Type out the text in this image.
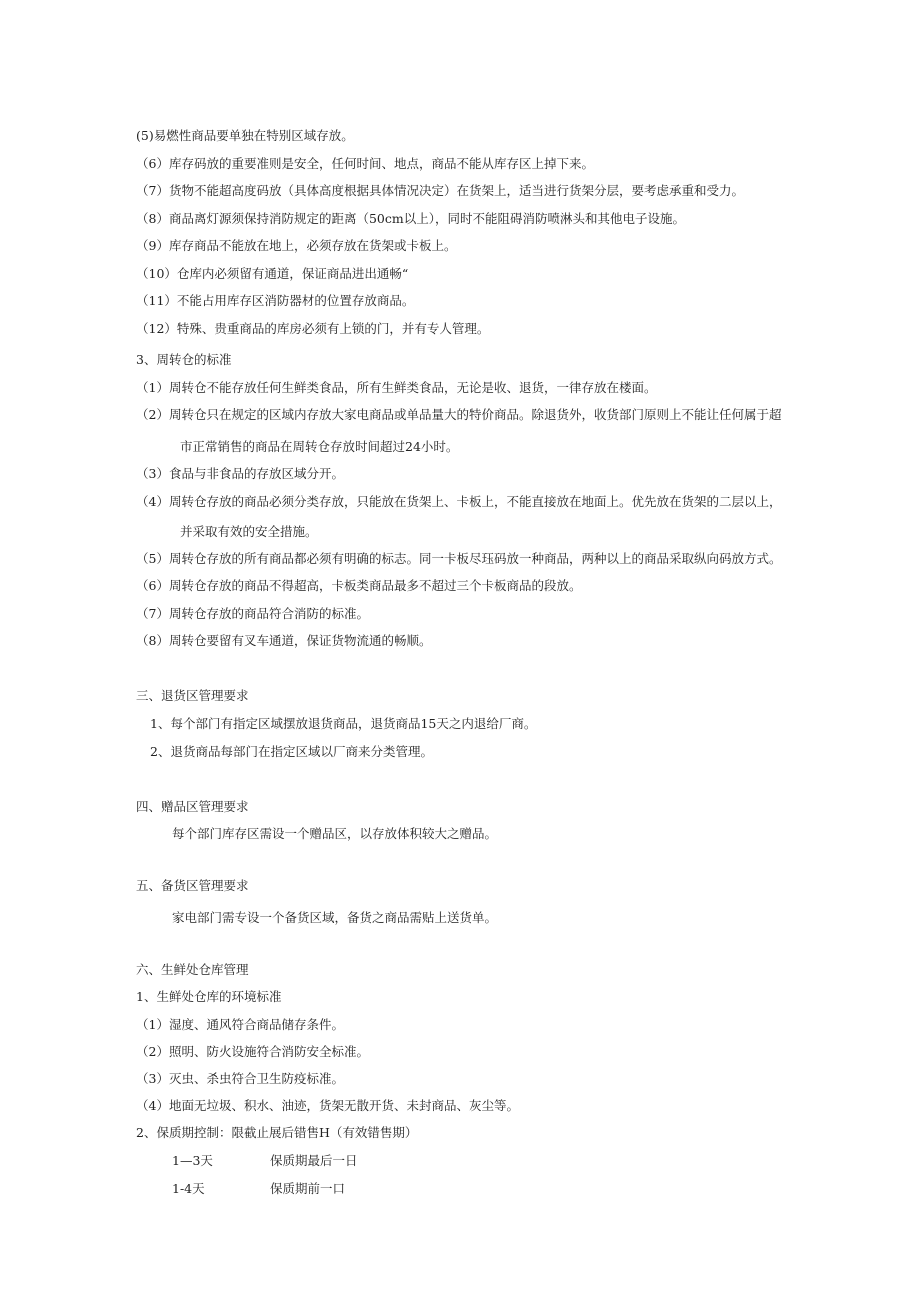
(5)易燃性商品要单独在特别区域存放。
（6）库存码放的重要准则是安全，任何时间、地点，商品不能从库存区上掉下来。
（7）货物不能超高度码放（具体高度根据具体情况决定）在货架上，适当进行货架分层，要考虑承重和受力。
（8）商品离灯源须保持消防规定的距离（50cm以上），同时不能阻碍消防喷淋头和其他电子设施。
（9）库存商品不能放在地上，必须存放在货架或卡板上。
（10）仓库内必须留有通道，保证商品进出通畅“
（11）不能占用库存区消防器材的位置存放商品。
（12）特殊、贵重商品的库房必须有上锁的门，并有专人管理。
3、周转仓的标准
（1）周转仓不能存放任何生鲜类食品，所有生鲜类食品，无论是收、退货，一律存放在楼面。
（2）周转仓只在规定的区域内存放大家电商品或单品量大的特价商品。除退货外，收货部门原则上不能让任何属于超
市正常销售的商品在周转仓存放时间超过24小时。
（3）食品与非食品的存放区域分开。
（4）周转仓存放的商品必须分类存放，只能放在货架上、卡板上，不能直接放在地面上。优先放在货架的二层以上，
并采取有效的安全措施。
（5）周转仓存放的所有商品都必须有明确的标志。同一卡板尽珏码放一种商品，两种以上的商品采取纵向码放方式。
（6）周转仓存放的商品不得超高，卡板类商品最多不超过三个卡板商品的段放。
（7）周转仓存放的商品符合消防的标准。
（8）周转仓要留有叉车通道，保证货物流通的畅顺。
三、退货区管理要求
1、每个部门有指定区域摆放退货商品，退货商品15天之内退给厂商。
2、退货商品每部门在指定区域以厂商来分类管理。
四、赠品区管理要求
每个部门库存区需设一个赠品区，以存放体积较大之赠品。
五、备货区管理要求
家电部门需专设一个备货区域，备货之商品需贴上送货单。
六、生鲜处仓库管理
1、生鲜处仓库的环境标准
（1）湿度、通风符合商品储存条件。
（2）照明、防火设施符合消防安全标准。
（3）灭虫、杀虫符合卫生防疫标准。
（4）地面无垃圾、积水、油迹，货架无散开货、未封商品、灰尘等。
2、保质期控制：限截止展后错售H（有效错售期）
1—3天	保质期最后一日
1-4天	保质期前一口
